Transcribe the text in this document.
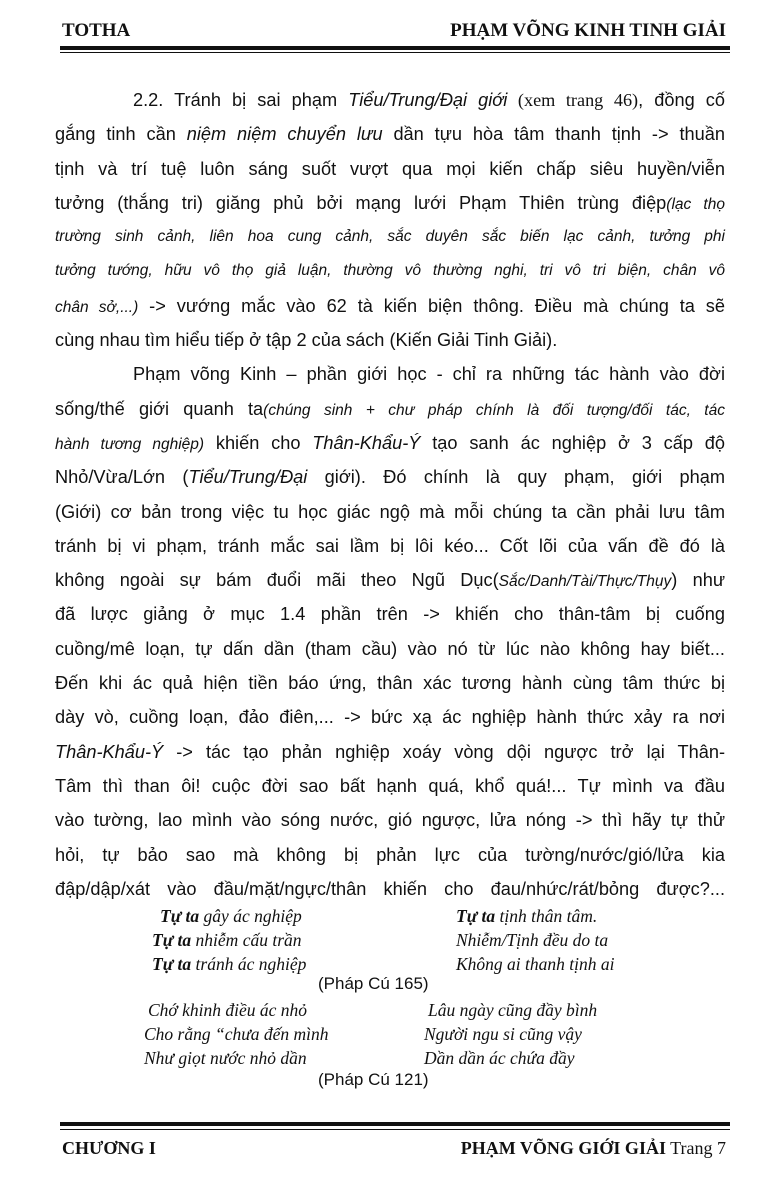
TOTHA	PHẠM VÕNG KINH TINH GIẢI
2.2. Tránh bị sai phạm Tiểu/Trung/Đại giới (xem trang 46), đồng cố
gắng tinh cần niệm niệm chuyển lưu dần tựu hòa tâm thanh tịnh -> thuần
tịnh và trí tuệ luôn sáng suốt vượt qua mọi kiến chấp siêu huyền/viễn
tưởng (thắng tri) giăng phủ bởi mạng lưới Phạm Thiên trùng điệp(lạc thọ
trường sinh cảnh, liên hoa cung cảnh, sắc duyên sắc biến lạc cảnh, tưởng phi
tưởng tướng, hữu vô thọ giả luận, thường vô thường nghi, tri vô tri biện, chân vô
chân sở,...) -> vướng mắc vào 62 tà kiến biện thông. Điều mà chúng ta sẽ
cùng nhau tìm hiểu tiếp ở tập 2 của sách (Kiến Giải Tinh Giải).
Phạm võng Kinh – phần giới học - chỉ ra những tác hành vào đời
sống/thế giới quanh ta(chúng sinh + chư pháp chính là đối tượng/đối tác, tác
hành tương nghiệp) khiến cho Thân-Khẩu-Ý tạo sanh ác nghiệp ở 3 cấp độ
Nhỏ/Vừa/Lớn (Tiểu/Trung/Đại giới). Đó chính là quy phạm, giới phạm
(Giới) cơ bản trong việc tu học giác ngộ mà mỗi chúng ta cần phải lưu tâm
tránh bị vi phạm, tránh mắc sai lầm bị lôi kéo... Cốt lõi của vấn đề đó là
không ngoài sự bám đuổi mãi theo Ngũ Dục(Sắc/Danh/Tài/Thực/Thụy) như
đã lược giảng ở mục 1.4 phần trên -> khiến cho thân-tâm bị cuống
cuồng/mê loạn, tự dấn dần (tham cầu) vào nó từ lúc nào không hay biết...
Đến khi ác quả hiện tiền báo ứng, thân xác tương hành cùng tâm thức bị
dày vò, cuồng loạn, đảo điên,... -> bức xạ ác nghiệp hành thức xảy ra nơi
Thân-Khẩu-Ý -> tác tạo phản nghiệp xoáy vòng dội ngược trở lại Thân-
Tâm thì than ôi! cuộc đời sao bất hạnh quá, khổ quá!... Tự mình va đầu
vào tường, lao mình vào sóng nước, gió ngược, lửa nóng -> thì hãy tự thử
hỏi, tự bảo sao mà không bị phản lực của tường/nước/gió/lửa kia
đập/dập/xát vào đầu/mặt/ngực/thân khiến cho đau/nhức/rát/bỏng được?...
Tự ta gây ác nghiệp
Tự ta nhiễm cấu trần
Tự ta tránh ác nghiệp
Tự ta tịnh thân tâm.
Nhiễm/Tịnh đều do ta
Không ai thanh tịnh ai
(Pháp Cú 165)
Chớ khinh điều ác nhỏ
Cho rằng “chưa đến mình
Như giọt nước nhỏ dần
Lâu ngày cũng đầy bình
Người ngu si cũng vậy
Dần dần ác chứa đầy
(Pháp Cú 121)
CHƯƠNG I	PHẠM VÕNG GIỚI GIẢI Trang 7
